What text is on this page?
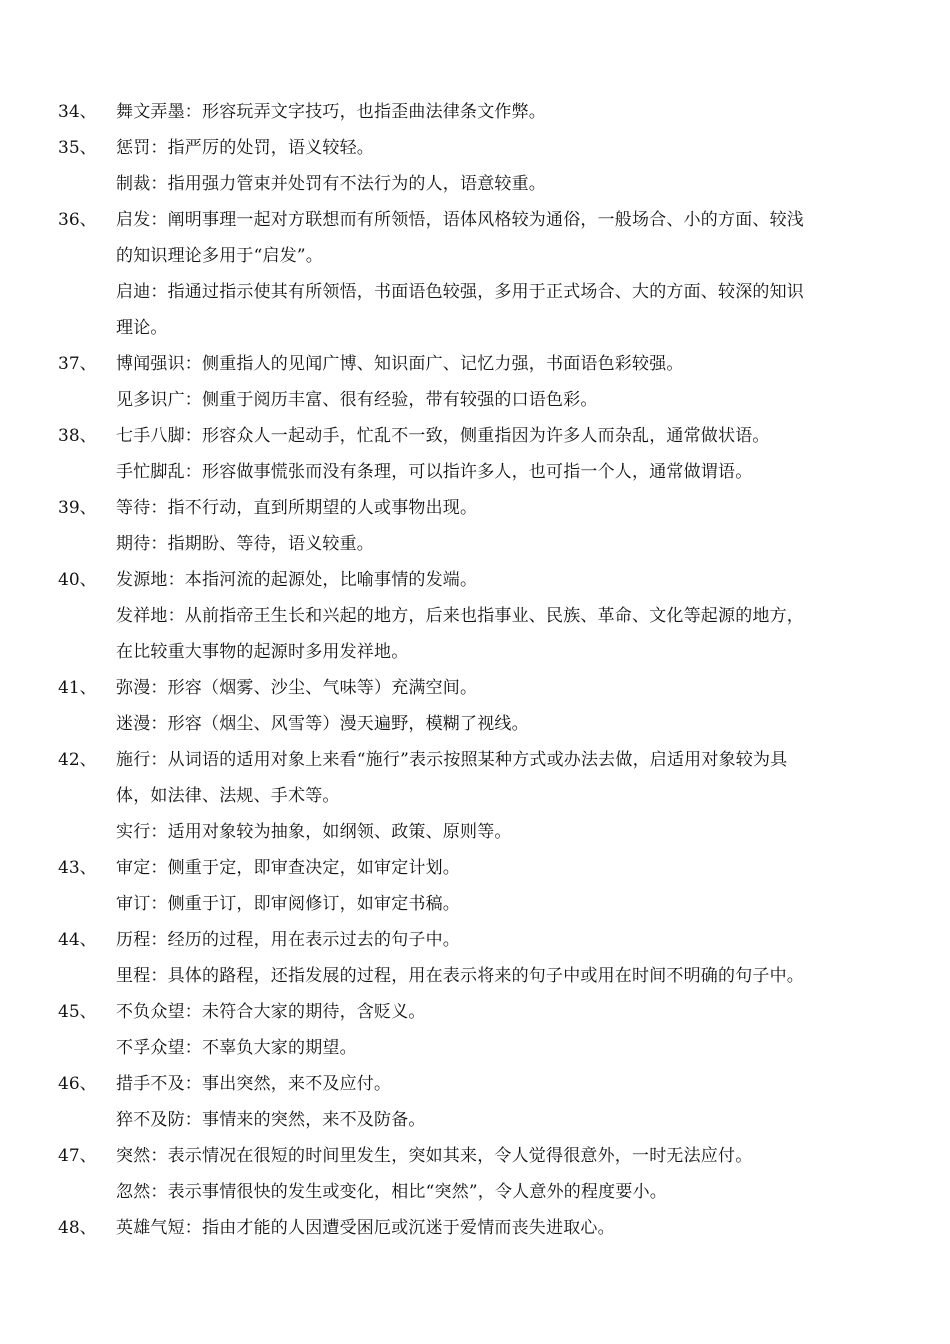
34、	舞文弄墨：形容玩弄文字技巧，也指歪曲法律条文作弊。
35、	惩罚：指严厉的处罚，语义较轻。
制裁：指用强力管束并处罚有不法行为的人，语意较重。
36、	启发：阐明事理一起对方联想而有所领悟，语体风格较为通俗，一般场合、小的方面、较浅
的知识理论多用于“启发”。
启迪：指通过指示使其有所领悟，书面语色较强，多用于正式场合、大的方面、较深的知识
理论。
37、	博闻强识：侧重指人的见闻广博、知识面广、记忆力强，书面语色彩较强。
见多识广：侧重于阅历丰富、很有经验，带有较强的口语色彩。
38、	七手八脚：形容众人一起动手，忙乱不一致，侧重指因为许多人而杂乱，通常做状语。
手忙脚乱：形容做事慌张而没有条理，可以指许多人，也可指一个人，通常做谓语。
39、	等待：指不行动，直到所期望的人或事物出现。
期待：指期盼、等待，语义较重。
40、	发源地：本指河流的起源处，比喻事情的发端。
发祥地：从前指帝王生长和兴起的地方，后来也指事业、民族、革命、文化等起源的地方，
在比较重大事物的起源时多用发祥地。
41、	弥漫：形容（烟雾、沙尘、气味等）充满空间。
迷漫：形容（烟尘、风雪等）漫天遍野，模糊了视线。
42、	施行：从词语的适用对象上来看“施行”表示按照某种方式或办法去做，启适用对象较为具
体，如法律、法规、手术等。
实行：适用对象较为抽象，如纲领、政策、原则等。
43、	审定：侧重于定，即审查决定，如审定计划。
审订：侧重于订，即审阅修订，如审定书稿。
44、	历程：经历的过程，用在表示过去的句子中。
里程：具体的路程，还指发展的过程，用在表示将来的句子中或用在时间不明确的句子中。
45、	不负众望：未符合大家的期待，含贬义。
不孚众望：不辜负大家的期望。
46、	措手不及：事出突然，来不及应付。
猝不及防：事情来的突然，来不及防备。
47、	突然：表示情况在很短的时间里发生，突如其来，令人觉得很意外，一时无法应付。
忽然：表示事情很快的发生或变化，相比“突然”，令人意外的程度要小。
48、	英雄气短：指由才能的人因遭受困厄或沉迷于爱情而丧失进取心。
